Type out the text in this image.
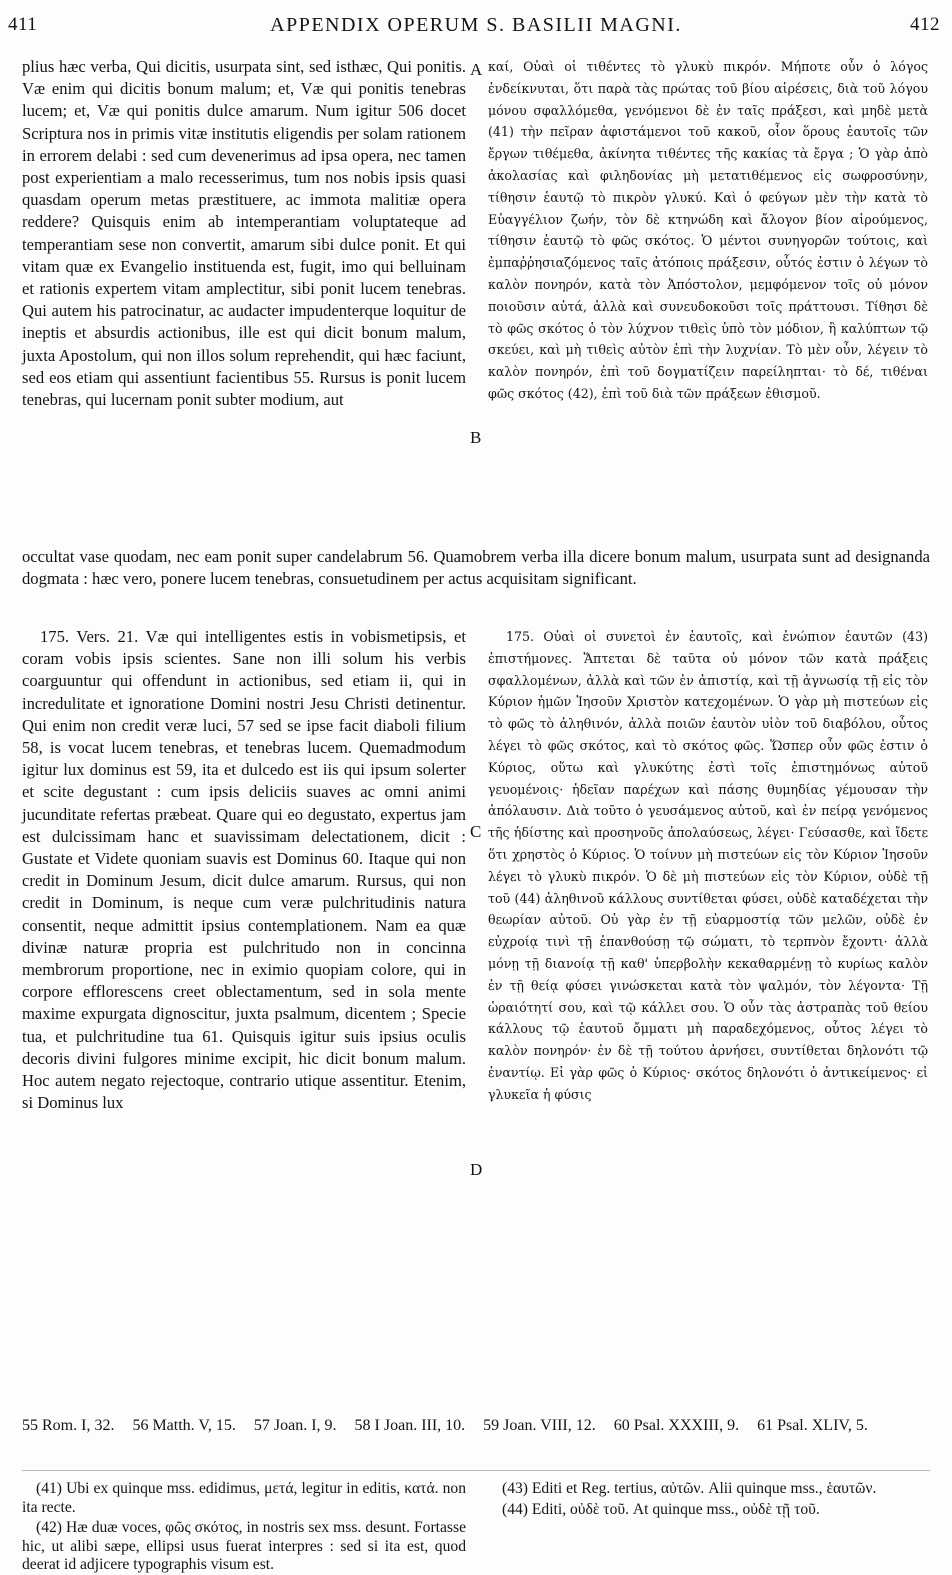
411	APPENDIX OPERUM S. BASILII MAGNI.	412
A
B
C
D

plius hæc verba, Qui dicitis, usurpata sint, sed isthæc, Qui ponitis. Væ enim qui dicitis bonum malum; et, Væ qui ponitis tenebras lucem; et, Væ qui ponitis dulce amarum. Num igitur 506 docet Scriptura nos in primis vitæ institutis eligendis per solam rationem in errorem delabi : sed cum devenerimus ad ipsa opera, nec tamen post experientiam a malo recesserimus, tum nos nobis ipsis quasi quasdam operum metas præstituere, ac immota malitiæ opera reddere? Quisquis enim ab intemperantiam voluptateque ad temperantiam sese non convertit, amarum sibi dulce ponit. Et qui vitam quæ ex Evangelio instituenda est, fugit, imo qui belluinam et rationis expertem vitam amplectitur, sibi ponit lucem tenebras. Qui autem his patrocinatur, ac audacter impudenterque loquitur de ineptis et absurdis actionibus, ille est qui dicit bonum malum, juxta Apostolum, qui non illos solum reprehendit, qui hæc faciunt, sed eos etiam qui assentiunt facientibus 55. Rursus is ponit lucem tenebras, qui lucernam ponit subter modium, aut

καί, Οὐαὶ οἱ τιθέντες τὸ γλυκὺ πικρόν. Μήποτε οὖν ὁ λόγος ἐνδείκνυται, ὅτι παρὰ τὰς πρώτας τοῦ βίου αἱρέσεις, διὰ τοῦ λόγου μόνου σφαλλόμεθα, γενόμενοι δὲ ἐν ταῖς πράξεσι, καὶ μηδὲ μετὰ (41) τὴν πεῖραν ἀφιστάμενοι τοῦ κακοῦ, οἷον ὅρους ἑαυτοῖς τῶν ἔργων τιθέμεθα, ἀκίνητα τιθέντες τῆς κακίας τὰ ἔργα ; Ὁ γὰρ ἀπὸ ἀκολασίας καὶ φιληδονίας μὴ μετατιθέμενος εἰς σωφροσύνην, τίθησιν ἑαυτῷ τὸ πικρὸν γλυκύ. Καὶ ὁ φεύγων μὲν τὴν κατὰ τὸ Εὐαγγέλιον ζωήν, τὸν δὲ κτηνώδη καὶ ἄλογον βίον αἱρούμενος, τίθησιν ἑαυτῷ τὸ φῶς σκότος. Ὁ μέντοι συνηγορῶν τούτοις, καὶ ἐμπαῤῥησιαζόμενος ταῖς ἀτόποις πράξεσιν, οὗτός ἐστιν ὁ λέγων τὸ καλὸν πονηρόν, κατὰ τὸν Ἀπόστολον, μεμφόμενον τοῖς οὐ μόνον ποιοῦσιν αὐτά, ἀλλὰ καὶ συνευδοκοῦσι τοῖς πράττουσι. Τίθησι δὲ τὸ φῶς σκότος ὁ τὸν λύχνον τιθεὶς ὑπὸ τὸν μόδιον, ἢ καλύπτων τῷ σκεύει, καὶ μὴ τιθεὶς αὐτὸν ἐπὶ τὴν λυχνίαν. Τὸ μὲν οὖν, λέγειν τὸ καλὸν πονηρόν, ἐπὶ τοῦ δογματίζειν παρείληπται· τὸ δέ, τιθέναι φῶς σκότος (42), ἐπὶ τοῦ διὰ τῶν πράξεων ἐθισμοῦ.

occultat vase quodam, nec eam ponit super candelabrum 56. Quamobrem verba illa dicere bonum malum, usurpata sunt ad designanda dogmata : hæc vero, ponere lucem tenebras, consuetudinem per actus acquisitam significant.

175. Vers. 21. Væ qui intelligentes estis in vobismetipsis, et coram vobis ipsis scientes. Sane non illi solum his verbis coarguuntur qui offendunt in actionibus, sed etiam ii, qui in incredulitate et ignoratione Domini nostri Jesu Christi detinentur. Qui enim non credit veræ luci, 57 sed se ipse facit diaboli filium 58, is vocat lucem tenebras, et tenebras lucem. Quemadmodum igitur lux dominus est 59, ita et dulcedo est iis qui ipsum solerter et scite degustant : cum ipsis deliciis suaves ac omni animi jucunditate refertas præbeat. Quare qui eo degustato, expertus jam est dulcissimam hanc et suavissimam delectationem, dicit : Gustate et Videte quoniam suavis est Dominus 60. Itaque qui non credit in Dominum Jesum, dicit dulce amarum. Rursus, qui non credit in Dominum, is neque cum veræ pulchritudinis natura consentit, neque admittit ipsius contemplationem. Nam ea quæ divinæ naturæ propria est pulchritudo non in concinna membrorum proportione, nec in eximio quopiam colore, qui in corpore efflorescens creet oblectamentum, sed in sola mente maxime expurgata dignoscitur, juxta psalmum, dicentem ; Specie tua, et pulchritudine tua 61. Quisquis igitur suis ipsius oculis decoris divini fulgores minime excipit, hic dicit bonum malum. Hoc autem negato rejectoque, contrario utique assentitur. Etenim, si Dominus lux

175. Οὐαὶ οἱ συνετοὶ ἐν ἑαυτοῖς, καὶ ἐνώπιον ἑαυτῶν (43) ἐπιστήμονες. Ἅπτεται δὲ ταῦτα οὐ μόνον τῶν κατὰ πράξεις σφαλλομένων, ἀλλὰ καὶ τῶν ἐν ἀπιστίᾳ, καὶ τῇ ἀγνωσίᾳ τῇ εἰς τὸν Κύριον ἡμῶν Ἰησοῦν Χριστὸν κατεχομένων. Ὁ γὰρ μὴ πιστεύων εἰς τὸ φῶς τὸ ἀληθινόν, ἀλλὰ ποιῶν ἑαυτὸν υἱὸν τοῦ διαβόλου, οὗτος λέγει τὸ φῶς σκότος, καὶ τὸ σκότος φῶς. Ὥσπερ οὖν φῶς ἐστιν ὁ Κύριος, οὕτω καὶ γλυκύτης ἐστὶ τοῖς ἐπιστημόνως αὐτοῦ γευομένοις· ἡδεῖαν παρέχων καὶ πάσης θυμηδίας γέμουσαν τὴν ἀπόλαυσιν. Διὰ τοῦτο ὁ γευσάμενος αὐτοῦ, καὶ ἐν πείρᾳ γενόμενος τῆς ἡδίστης καὶ προσηνοῦς ἀπολαύσεως, λέγει· Γεύσασθε, καὶ ἴδετε ὅτι χρηστὸς ὁ Κύριος. Ὁ τοίνυν μὴ πιστεύων εἰς τὸν Κύριον Ἰησοῦν λέγει τὸ γλυκὺ πικρόν. Ὁ δὲ μὴ πιστεύων εἰς τὸν Κύριον, οὐδὲ τῇ τοῦ (44) ἀληθινοῦ κάλλους συντίθεται φύσει, οὐδὲ καταδέχεται τὴν θεωρίαν αὐτοῦ. Οὐ γὰρ ἐν τῇ εὐαρμοστίᾳ τῶν μελῶν, οὐδὲ ἐν εὐχροίᾳ τινὶ τῇ ἐπανθούσῃ τῷ σώματι, τὸ τερπνὸν ἔχοντι· ἀλλὰ μόνῃ τῇ διανοίᾳ τῇ καθ' ὑπερβολὴν κεκαθαρμένῃ τὸ κυρίως καλὸν ἐν τῇ θείᾳ φύσει γινώσκεται κατὰ τὸν ψαλμόν, τὸν λέγοντα· Τῇ ὡραιότητί σου, καὶ τῷ κάλλει σου. Ὁ οὖν τὰς ἀστραπὰς τοῦ θείου κάλλους τῷ ἑαυτοῦ ὄμματι μὴ παραδεχόμενος, οὗτος λέγει τὸ καλὸν πονηρόν· ἐν δὲ τῇ τούτου ἀρνήσει, συντίθεται δηλονότι τῷ ἐναντίῳ. Εἰ γὰρ φῶς ὁ Κύριος· σκότος δηλονότι ὁ ἀντικείμενος· εἰ γλυκεῖα ἡ φύσις

55 Rom. I, 32. 56 Matth. V, 15. 57 Joan. I, 9. 58 I Joan. III, 10. 59 Joan. VIII, 12. 60 Psal. XXXIII, 9. 61 Psal. XLIV, 5.

(41) Ubi ex quinque mss. edidimus, μετά, legitur in editis, κατά. non ita recte.

(42) Hæ duæ voces, φῶς σκότος, in nostris sex mss. desunt. Fortasse hic, ut alibi sæpe, ellipsi usus fuerat interpres : sed si ita est, quod deerat id adjicere typographis visum est.

(43) Editi et Reg. tertius, αὐτῶν. Alii quinque mss., ἑαυτῶν.

(44) Editi, οὐδὲ τοῦ. At quinque mss., οὐδὲ τῇ τοῦ.
